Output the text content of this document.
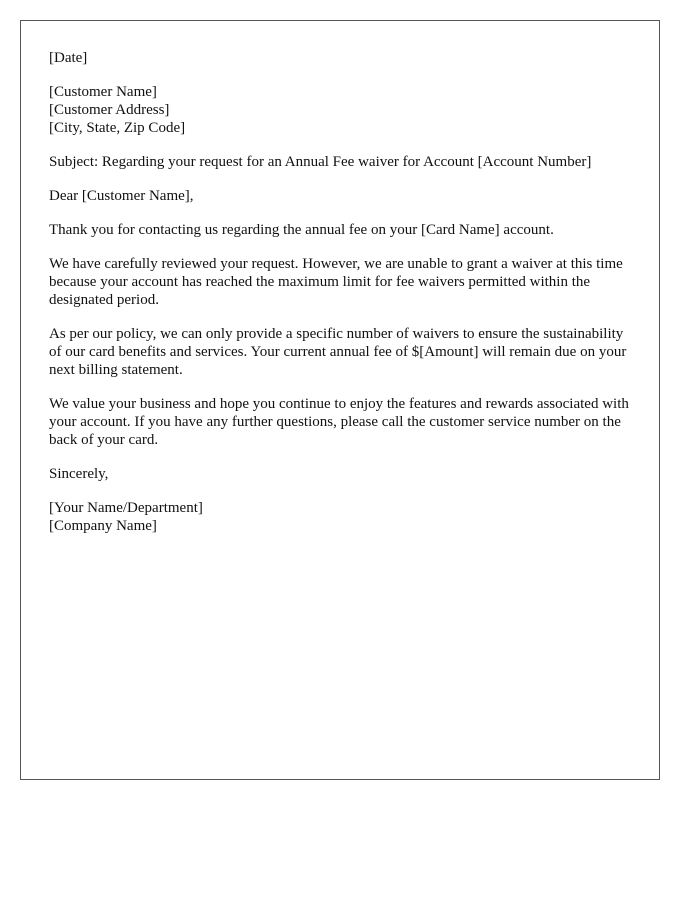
[Date]
[Customer Name]
[Customer Address]
[City, State, Zip Code]

Subject: Regarding your request for an Annual Fee waiver for Account [Account Number]

Dear [Customer Name],

Thank you for contacting us regarding the annual fee on your [Card Name] account.

We have carefully reviewed your request. However, we are unable to grant a waiver at this time because your account has reached the maximum limit for fee waivers permitted within the designated period.

As per our policy, we can only provide a specific number of waivers to ensure the sustainability of our card benefits and services. Your current annual fee of $[Amount] will remain due on your next billing statement.

We value your business and hope you continue to enjoy the features and rewards associated with your account. If you have any further questions, please call the customer service number on the back of your card.

Sincerely,

[Your Name/Department]
[Company Name]
